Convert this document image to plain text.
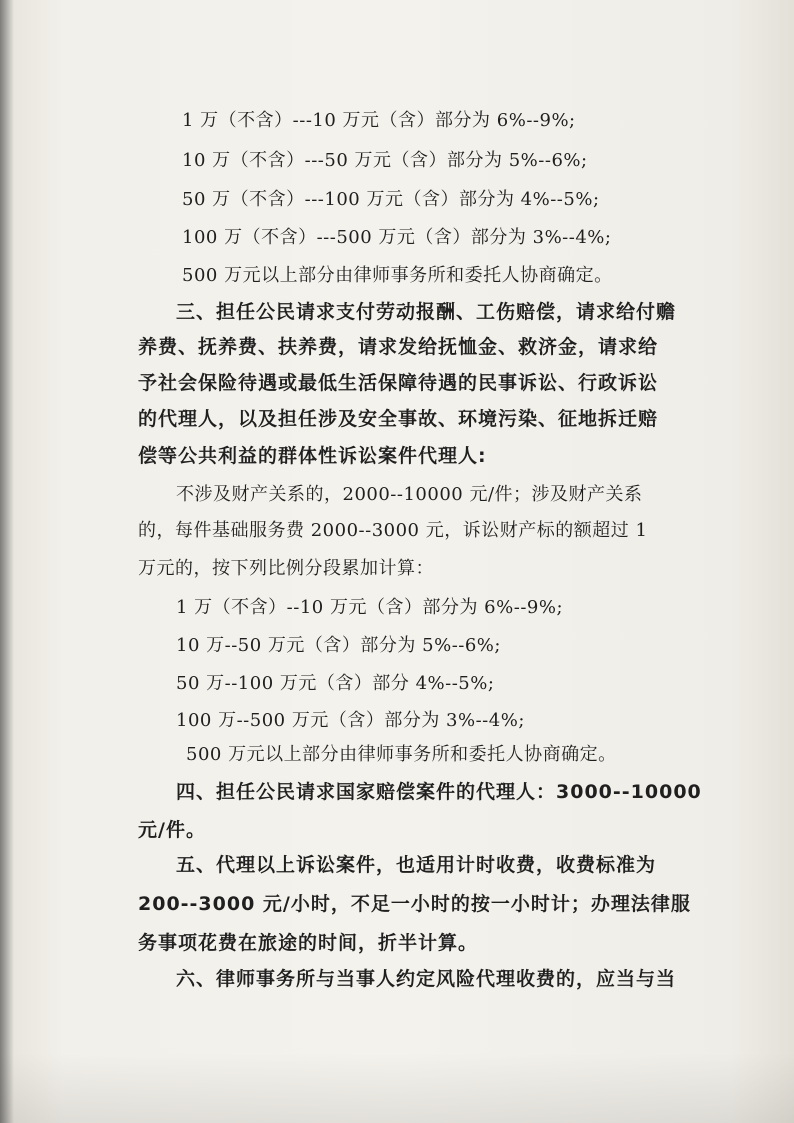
1 万（不含）---10 万元（含）部分为 6%--9%;
10 万（不含）---50 万元（含）部分为 5%--6%;
50 万（不含）---100 万元（含）部分为 4%--5%;
100 万（不含）---500 万元（含）部分为 3%--4%;
500 万元以上部分由律师事务所和委托人协商确定。
三、担任公民请求支付劳动报酬、工伤赔偿，请求给付赡
养费、抚养费、扶养费，请求发给抚恤金、救济金，请求给
予社会保险待遇或最低生活保障待遇的民事诉讼、行政诉讼
的代理人，以及担任涉及安全事故、环境污染、征地拆迁赔
偿等公共利益的群体性诉讼案件代理人:
不涉及财产关系的，2000--10000 元/件；涉及财产关系
的，每件基础服务费 2000--3000 元，诉讼财产标的额超过 1
万元的，按下列比例分段累加计算：
1 万（不含）--10 万元（含）部分为 6%--9%;
10 万--50 万元（含）部分为 5%--6%;
50 万--100 万元（含）部分 4%--5%;
100 万--500 万元（含）部分为 3%--4%;
500 万元以上部分由律师事务所和委托人协商确定。
四、担任公民请求国家赔偿案件的代理人：3000--10000
元/件。
五、代理以上诉讼案件，也适用计时收费，收费标准为
200--3000 元/小时，不足一小时的按一小时计；办理法律服
务事项花费在旅途的时间，折半计算。
六、律师事务所与当事人约定风险代理收费的，应当与当
